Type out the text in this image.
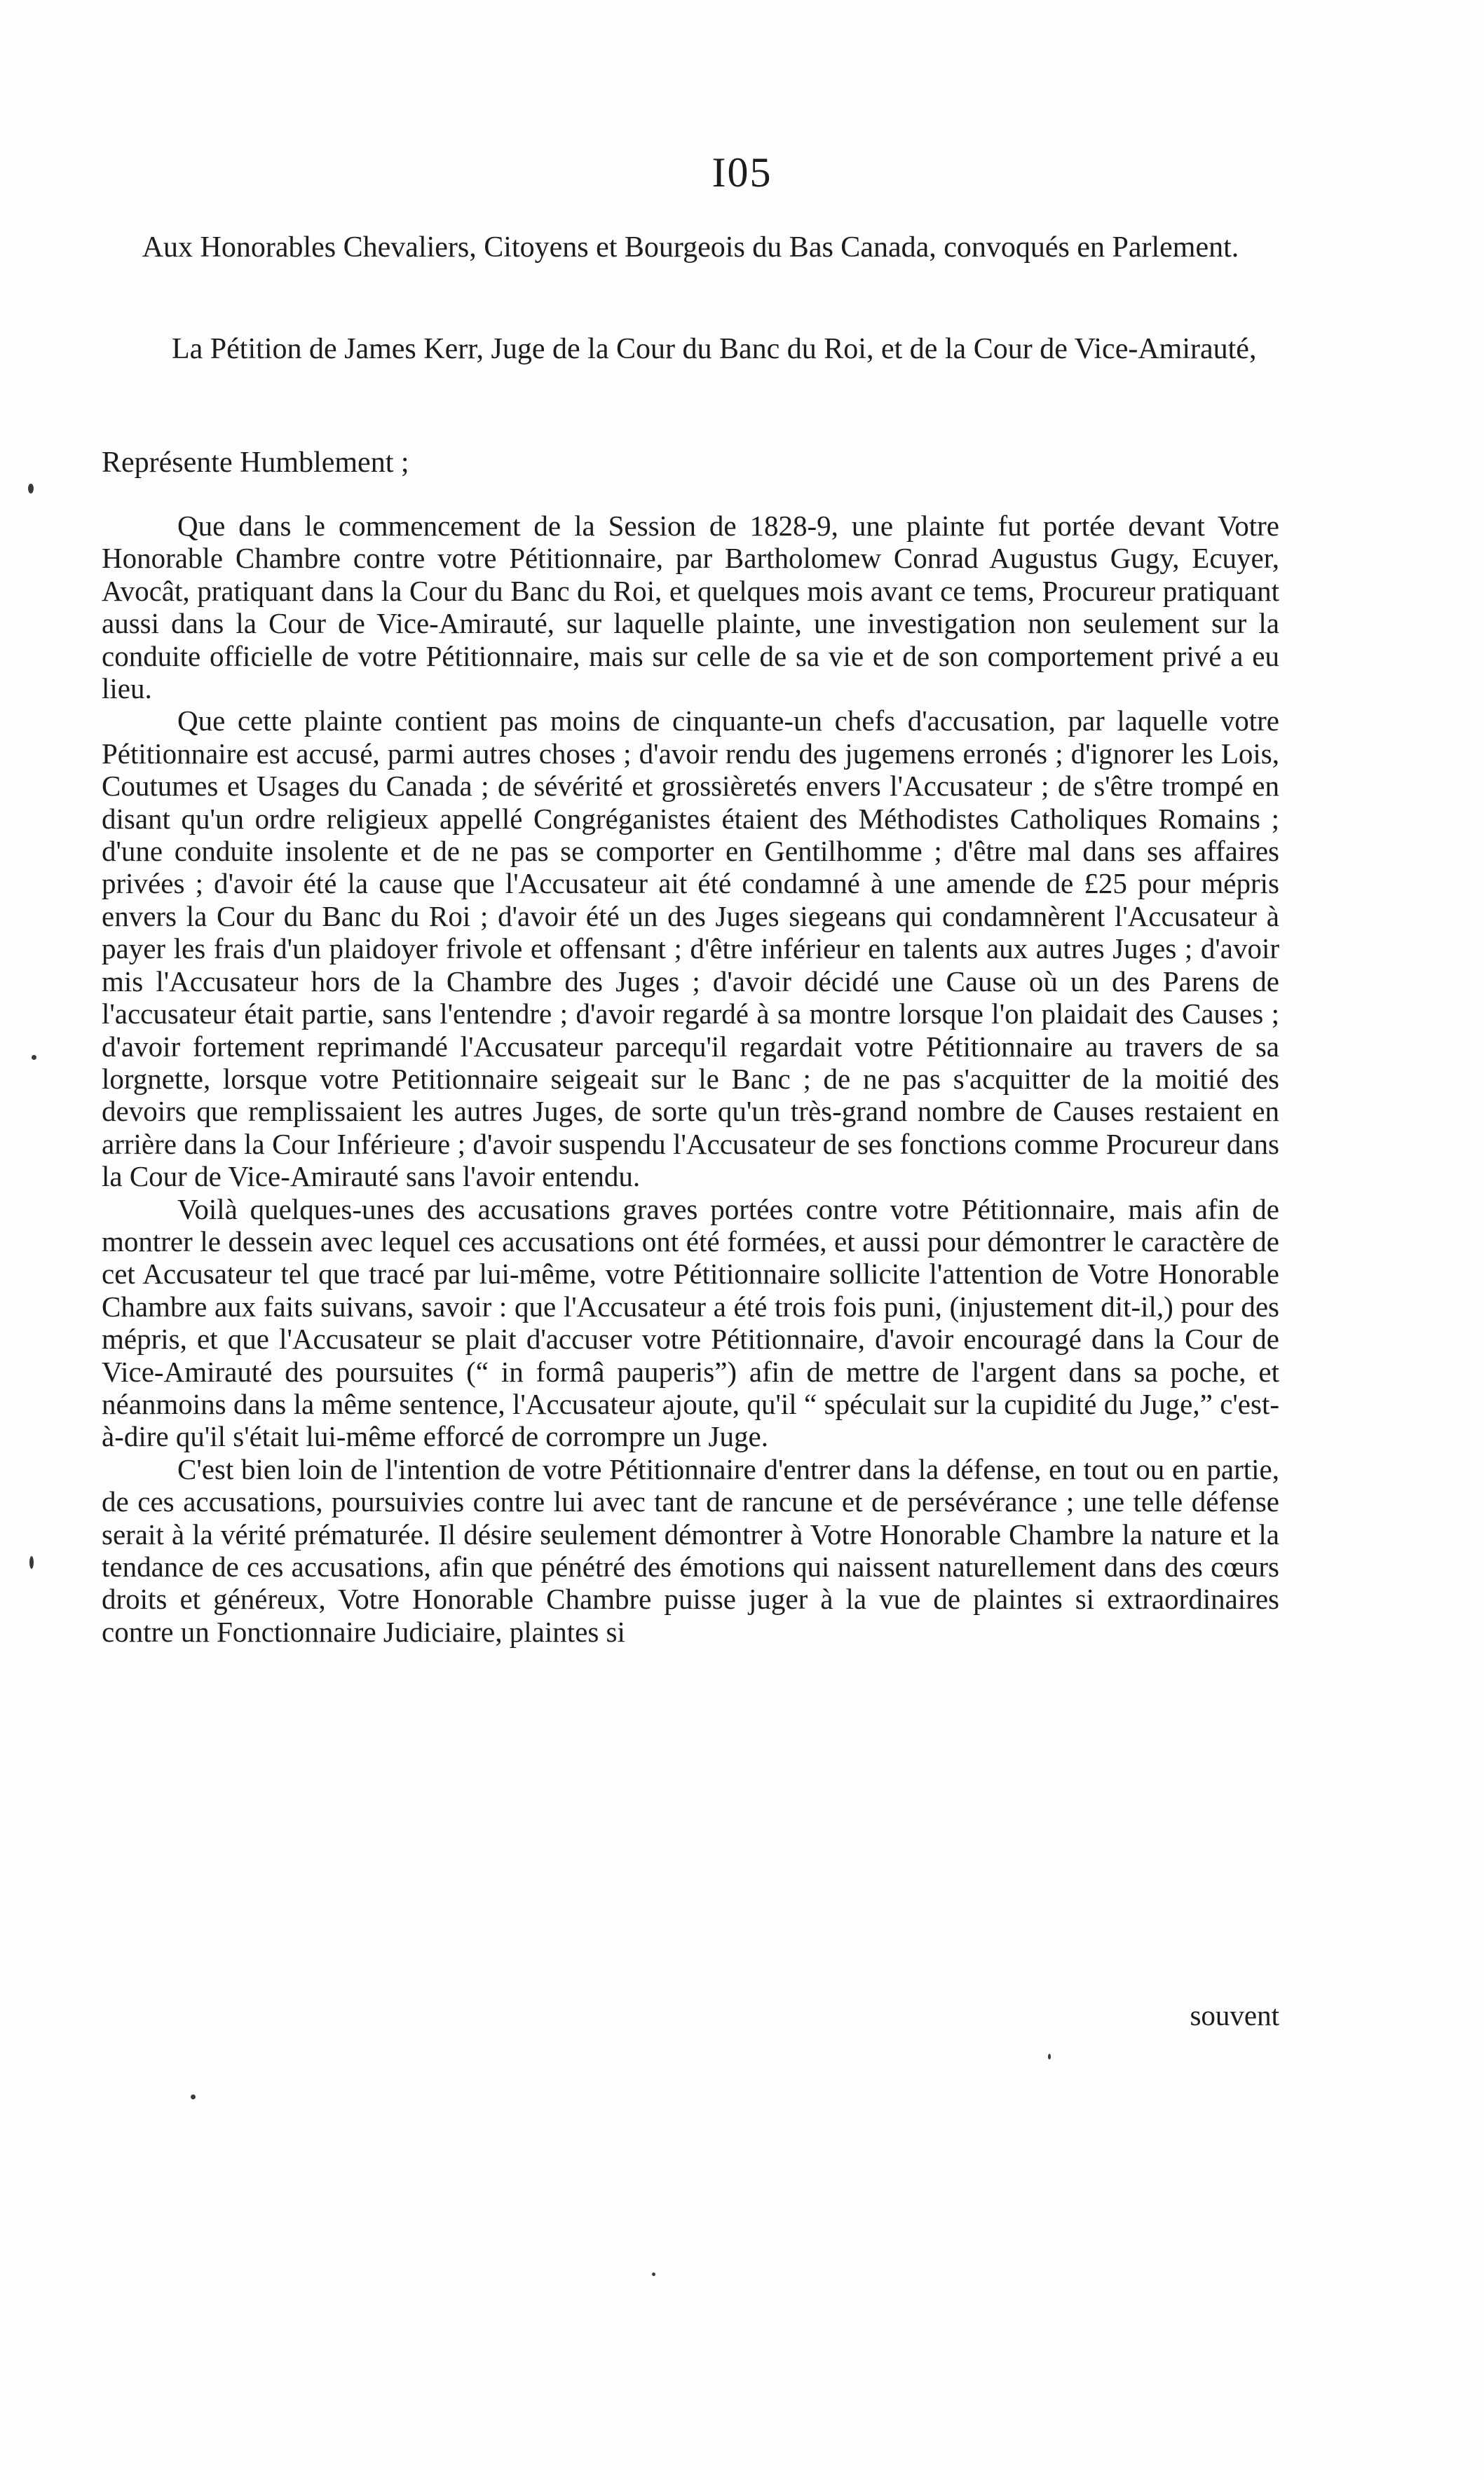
I05
Aux Honorables Chevaliers, Citoyens et Bourgeois du Bas Canada, convoqués en Parlement.
La Pétition de James Kerr, Juge de la Cour du Banc du Roi, et de la Cour de Vice-Amirauté,
Représente Humblement ;

Que dans le commencement de la Session de 1828-9, une plainte fut portée devant Votre Honorable Chambre contre votre Pétitionnaire, par Bartholomew Conrad Augustus Gugy, Ecuyer, Avocât, pratiquant dans la Cour du Banc du Roi, et quelques mois avant ce tems, Procureur pratiquant aussi dans la Cour de Vice-Amirauté, sur laquelle plainte, une investigation non seulement sur la conduite officielle de votre Pétitionnaire, mais sur celle de sa vie et de son comportement privé a eu lieu.

Que cette plainte contient pas moins de cinquante-un chefs d'accusation, par laquelle votre Pétitionnaire est accusé, parmi autres choses ; d'avoir rendu des jugemens erronés ; d'ignorer les Lois, Coutumes et Usages du Canada ; de sévérité et grossièretés envers l'Accusateur ; de s'être trompé en disant qu'un ordre religieux appellé Congréganistes étaient des Méthodistes Catholiques Romains ; d'une conduite insolente et de ne pas se comporter en Gentilhomme ; d'être mal dans ses affaires privées ; d'avoir été la cause que l'Accusateur ait été condamné à une amende de £25 pour mépris envers la Cour du Banc du Roi ; d'avoir été un des Juges siegeans qui condamnèrent l'Accusateur à payer les frais d'un plaidoyer frivole et offensant ; d'être inférieur en talents aux autres Juges ; d'avoir mis l'Accusateur hors de la Chambre des Juges ; d'avoir décidé une Cause où un des Parens de l'accusateur était partie, sans l'entendre ; d'avoir regardé à sa montre lorsque l'on plaidait des Causes ; d'avoir fortement reprimandé l'Accusateur parcequ'il regardait votre Pétitionnaire au travers de sa lorgnette, lorsque votre Petitionnaire seigeait sur le Banc ; de ne pas s'acquitter de la moitié des devoirs que remplissaient les autres Juges, de sorte qu'un très-grand nombre de Causes restaient en arrière dans la Cour Inférieure ; d'avoir suspendu l'Accusateur de ses fonctions comme Procureur dans la Cour de Vice-Amirauté sans l'avoir entendu.

Voilà quelques-unes des accusations graves portées contre votre Pétitionnaire, mais afin de montrer le dessein avec lequel ces accusations ont été formées, et aussi pour démontrer le caractère de cet Accusateur tel que tracé par lui-même, votre Pétitionnaire sollicite l'attention de Votre Honorable Chambre aux faits suivans, savoir : que l'Accusateur a été trois fois puni, (injustement dit-il,) pour des mépris, et que l'Accusateur se plait d'accuser votre Pétitionnaire, d'avoir encouragé dans la Cour de Vice-Amirauté des poursuites (“ in formâ pauperis”) afin de mettre de l'argent dans sa poche, et néanmoins dans la même sentence, l'Accusateur ajoute, qu'il “ spéculait sur la cupidité du Juge,” c'est-à-dire qu'il s'était lui-même efforcé de corrompre un Juge.

C'est bien loin de l'intention de votre Pétitionnaire d'entrer dans la défense, en tout ou en partie, de ces accusations, poursuivies contre lui avec tant de rancune et de persévérance ; une telle défense serait à la vérité prématurée. Il désire seulement démontrer à Votre Honorable Chambre la nature et la tendance de ces accusations, afin que pénétré des émotions qui naissent naturellement dans des cœurs droits et généreux, Votre Honorable Chambre puisse juger à la vue de plaintes si extraordinaires contre un Fonctionnaire Judiciaire, plaintes si

souvent
